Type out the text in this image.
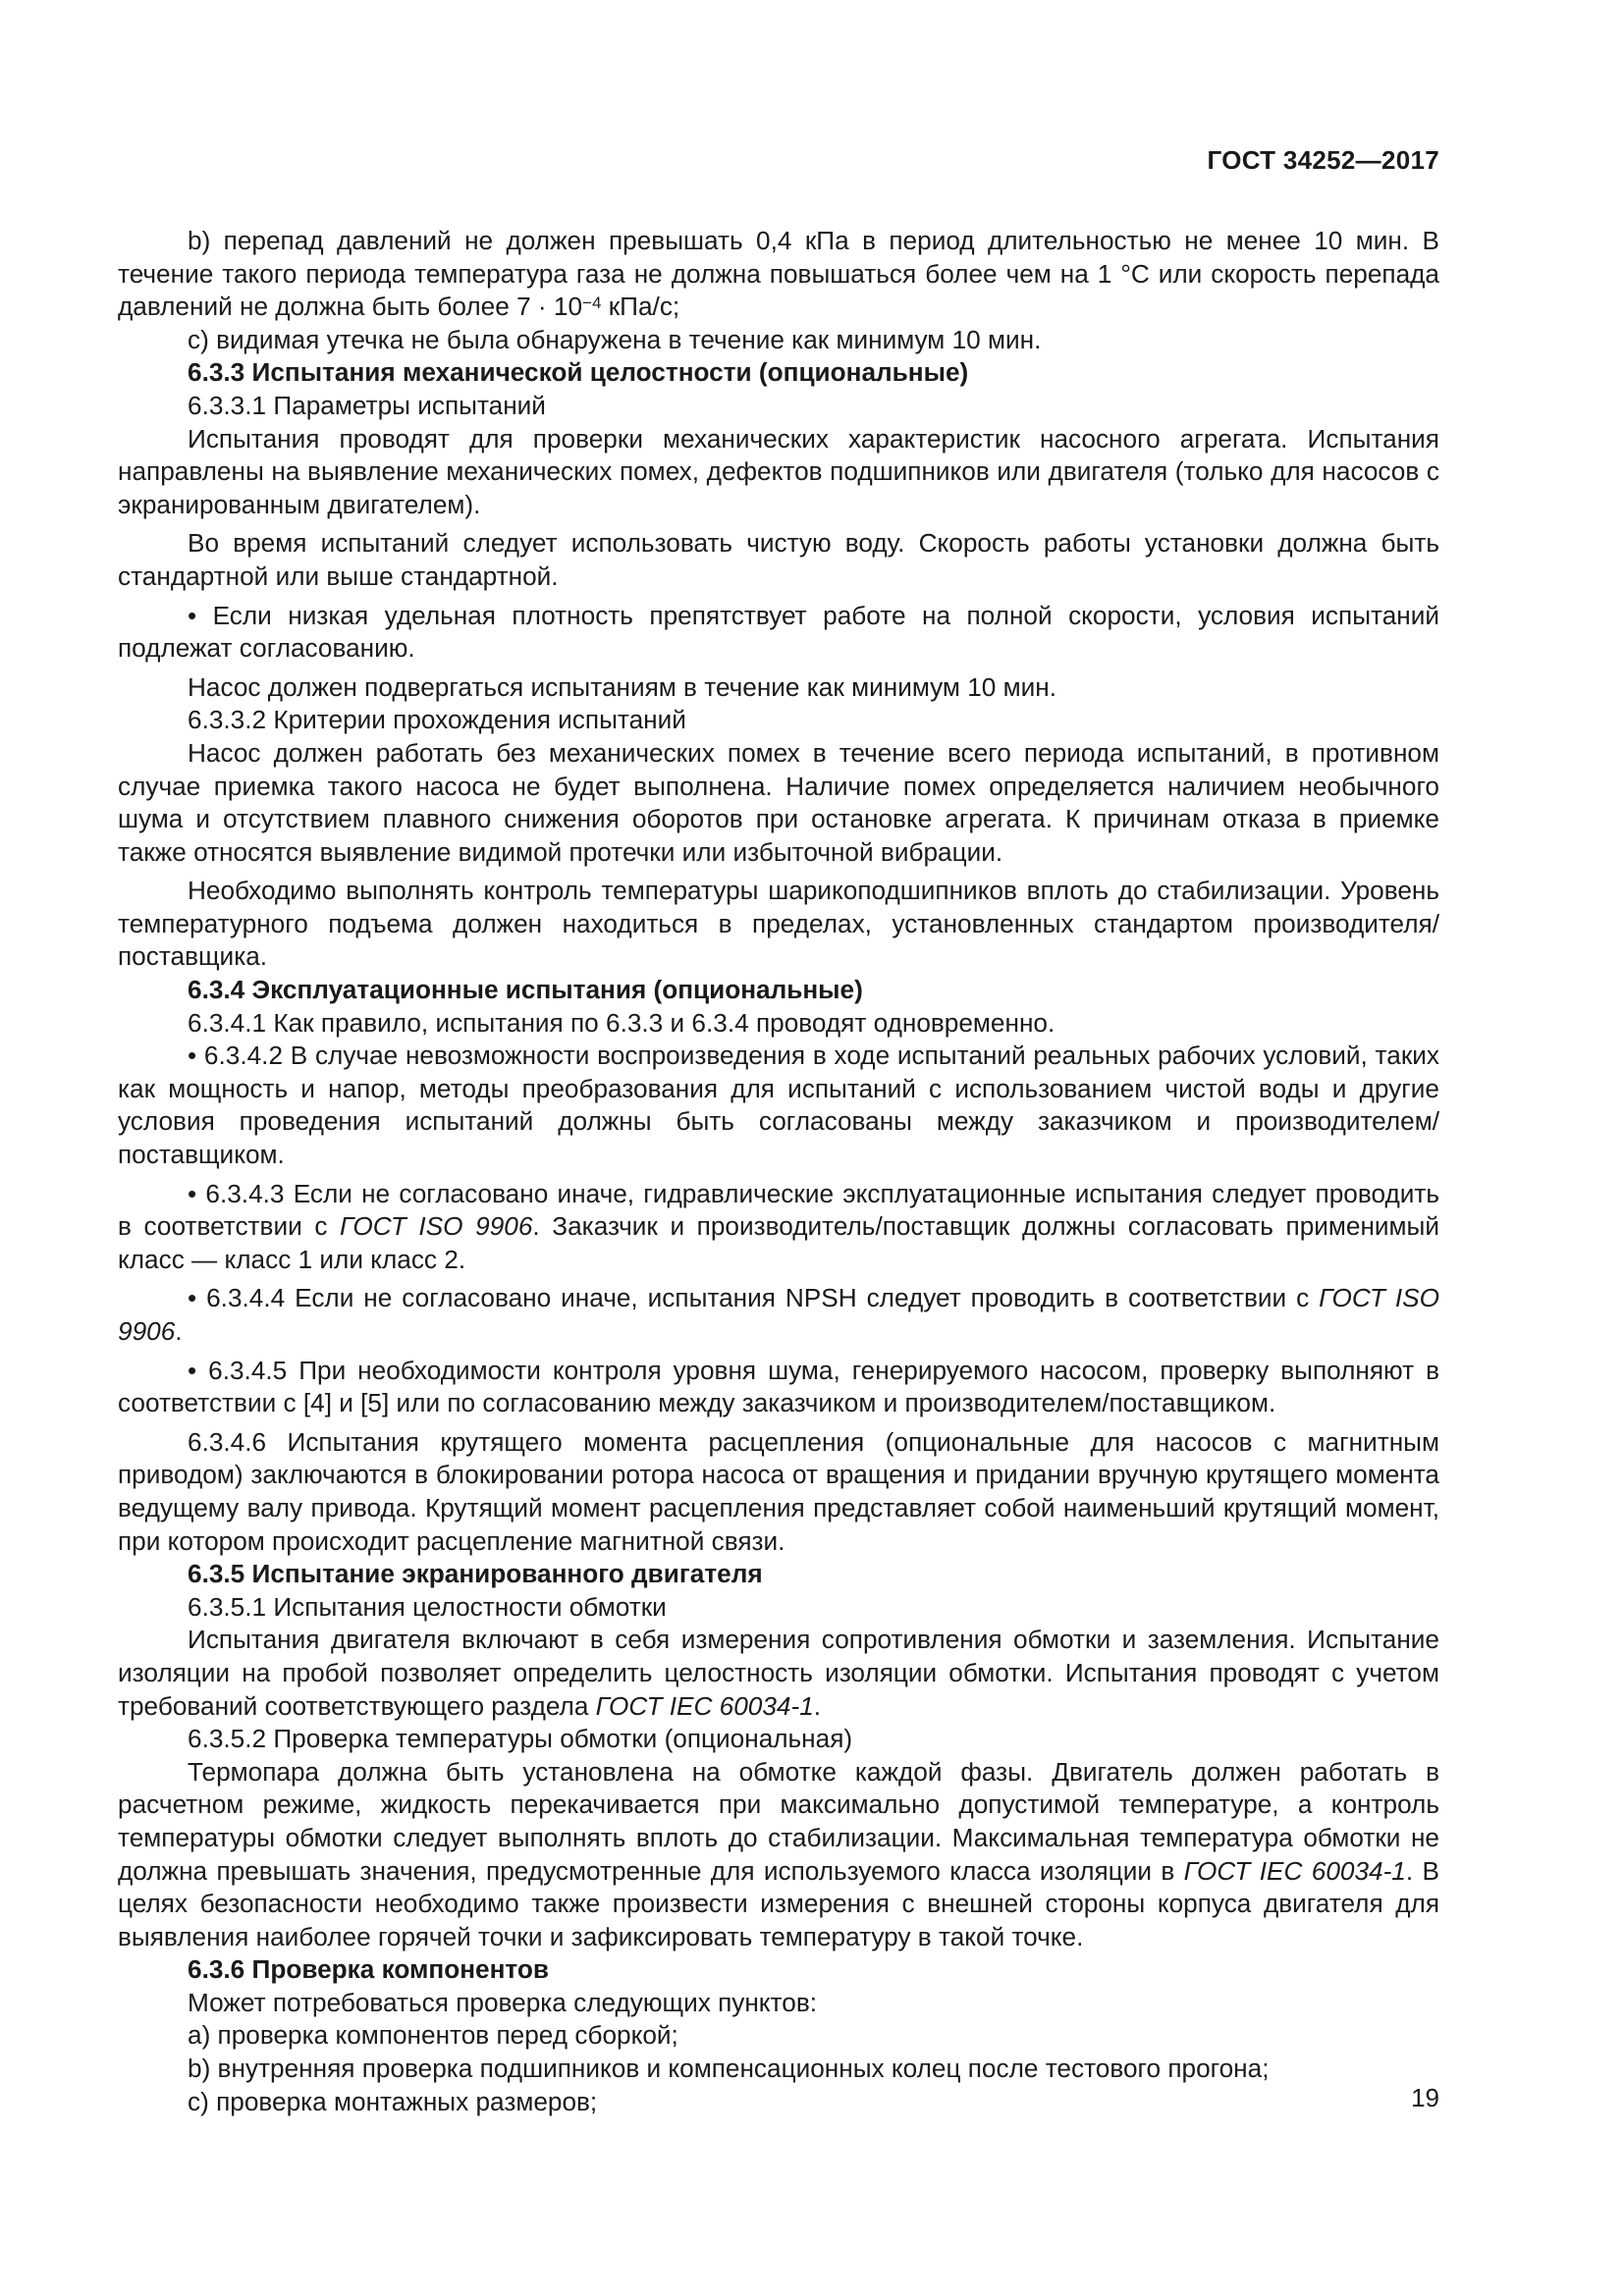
ГОСТ 34252—2017

b) перепад давлений не должен превышать 0,4 кПа в период длительностью не менее 10 мин. В течение такого периода температура газа не должна повышаться более чем на 1 °С или скорость перепада давлений не должна быть более $7 \cdot 10^{-4}$ кПа/с;

с) видимая утечка не была обнаружена в течение как минимум 10 мин.

6.3.3 Испытания механической целостности (опциональные)

6.3.3.1 Параметры испытаний

Испытания проводят для проверки механических характеристик насосного агрегата. Испытания направлены на выявление механических помех, дефектов подшипников или двигателя (только для насосов с экранированным двигателем).

Во время испытаний следует использовать чистую воду. Скорость работы установки должна быть стандартной или выше стандартной.

• Если низкая удельная плотность препятствует работе на полной скорости, условия испытаний подлежат согласованию.

Насос должен подвергаться испытаниям в течение как минимум 10 мин.

6.3.3.2 Критерии прохождения испытаний

Насос должен работать без механических помех в течение всего периода испытаний, в противном случае приемка такого насоса не будет выполнена. Наличие помех определяется наличием необычного шума и отсутствием плавного снижения оборотов при остановке агрегата. К причинам отказа в приемке также относятся выявление видимой протечки или избыточной вибрации.

Необходимо выполнять контроль температуры шарикоподшипников вплоть до стабилизации. Уровень температурного подъема должен находиться в пределах, установленных стандартом производителя/поставщика.

6.3.4 Эксплуатационные испытания (опциональные)

6.3.4.1 Как правило, испытания по 6.3.3 и 6.3.4 проводят одновременно.

• 6.3.4.2 В случае невозможности воспроизведения в ходе испытаний реальных рабочих условий, таких как мощность и напор, методы преобразования для испытаний с использованием чистой воды и другие условия проведения испытаний должны быть согласованы между заказчиком и производителем/поставщиком.

• 6.3.4.3 Если не согласовано иначе, гидравлические эксплуатационные испытания следует проводить в соответствии с ГОСТ ISO 9906. Заказчик и производитель/поставщик должны согласовать применимый класс — класс 1 или класс 2.

• 6.3.4.4 Если не согласовано иначе, испытания NPSH следует проводить в соответствии с ГОСТ ISO 9906.

• 6.3.4.5 При необходимости контроля уровня шума, генерируемого насосом, проверку выполняют в соответствии с [4] и [5] или по согласованию между заказчиком и производителем/поставщиком.

6.3.4.6 Испытания крутящего момента расцепления (опциональные для насосов с магнитным приводом) заключаются в блокировании ротора насоса от вращения и придании вручную крутящего момента ведущему валу привода. Крутящий момент расцепления представляет собой наименьший крутящий момент, при котором происходит расцепление магнитной связи.

6.3.5 Испытание экранированного двигателя

6.3.5.1 Испытания целостности обмотки

Испытания двигателя включают в себя измерения сопротивления обмотки и заземления. Испытание изоляции на пробой позволяет определить целостность изоляции обмотки. Испытания проводят с учетом требований соответствующего раздела ГОСТ IEC 60034-1.

6.3.5.2 Проверка температуры обмотки (опциональная)

Термопара должна быть установлена на обмотке каждой фазы. Двигатель должен работать в расчетном режиме, жидкость перекачивается при максимально допустимой температуре, а контроль температуры обмотки следует выполнять вплоть до стабилизации. Максимальная температура обмотки не должна превышать значения, предусмотренные для используемого класса изоляции в ГОСТ IEC 60034-1. В целях безопасности необходимо также произвести измерения с внешней стороны корпуса двигателя для выявления наиболее горячей точки и зафиксировать температуру в такой точке.

6.3.6 Проверка компонентов

Может потребоваться проверка следующих пунктов:

а) проверка компонентов перед сборкой;

b) внутренняя проверка подшипников и компенсационных колец после тестового прогона;

с) проверка монтажных размеров;	19
